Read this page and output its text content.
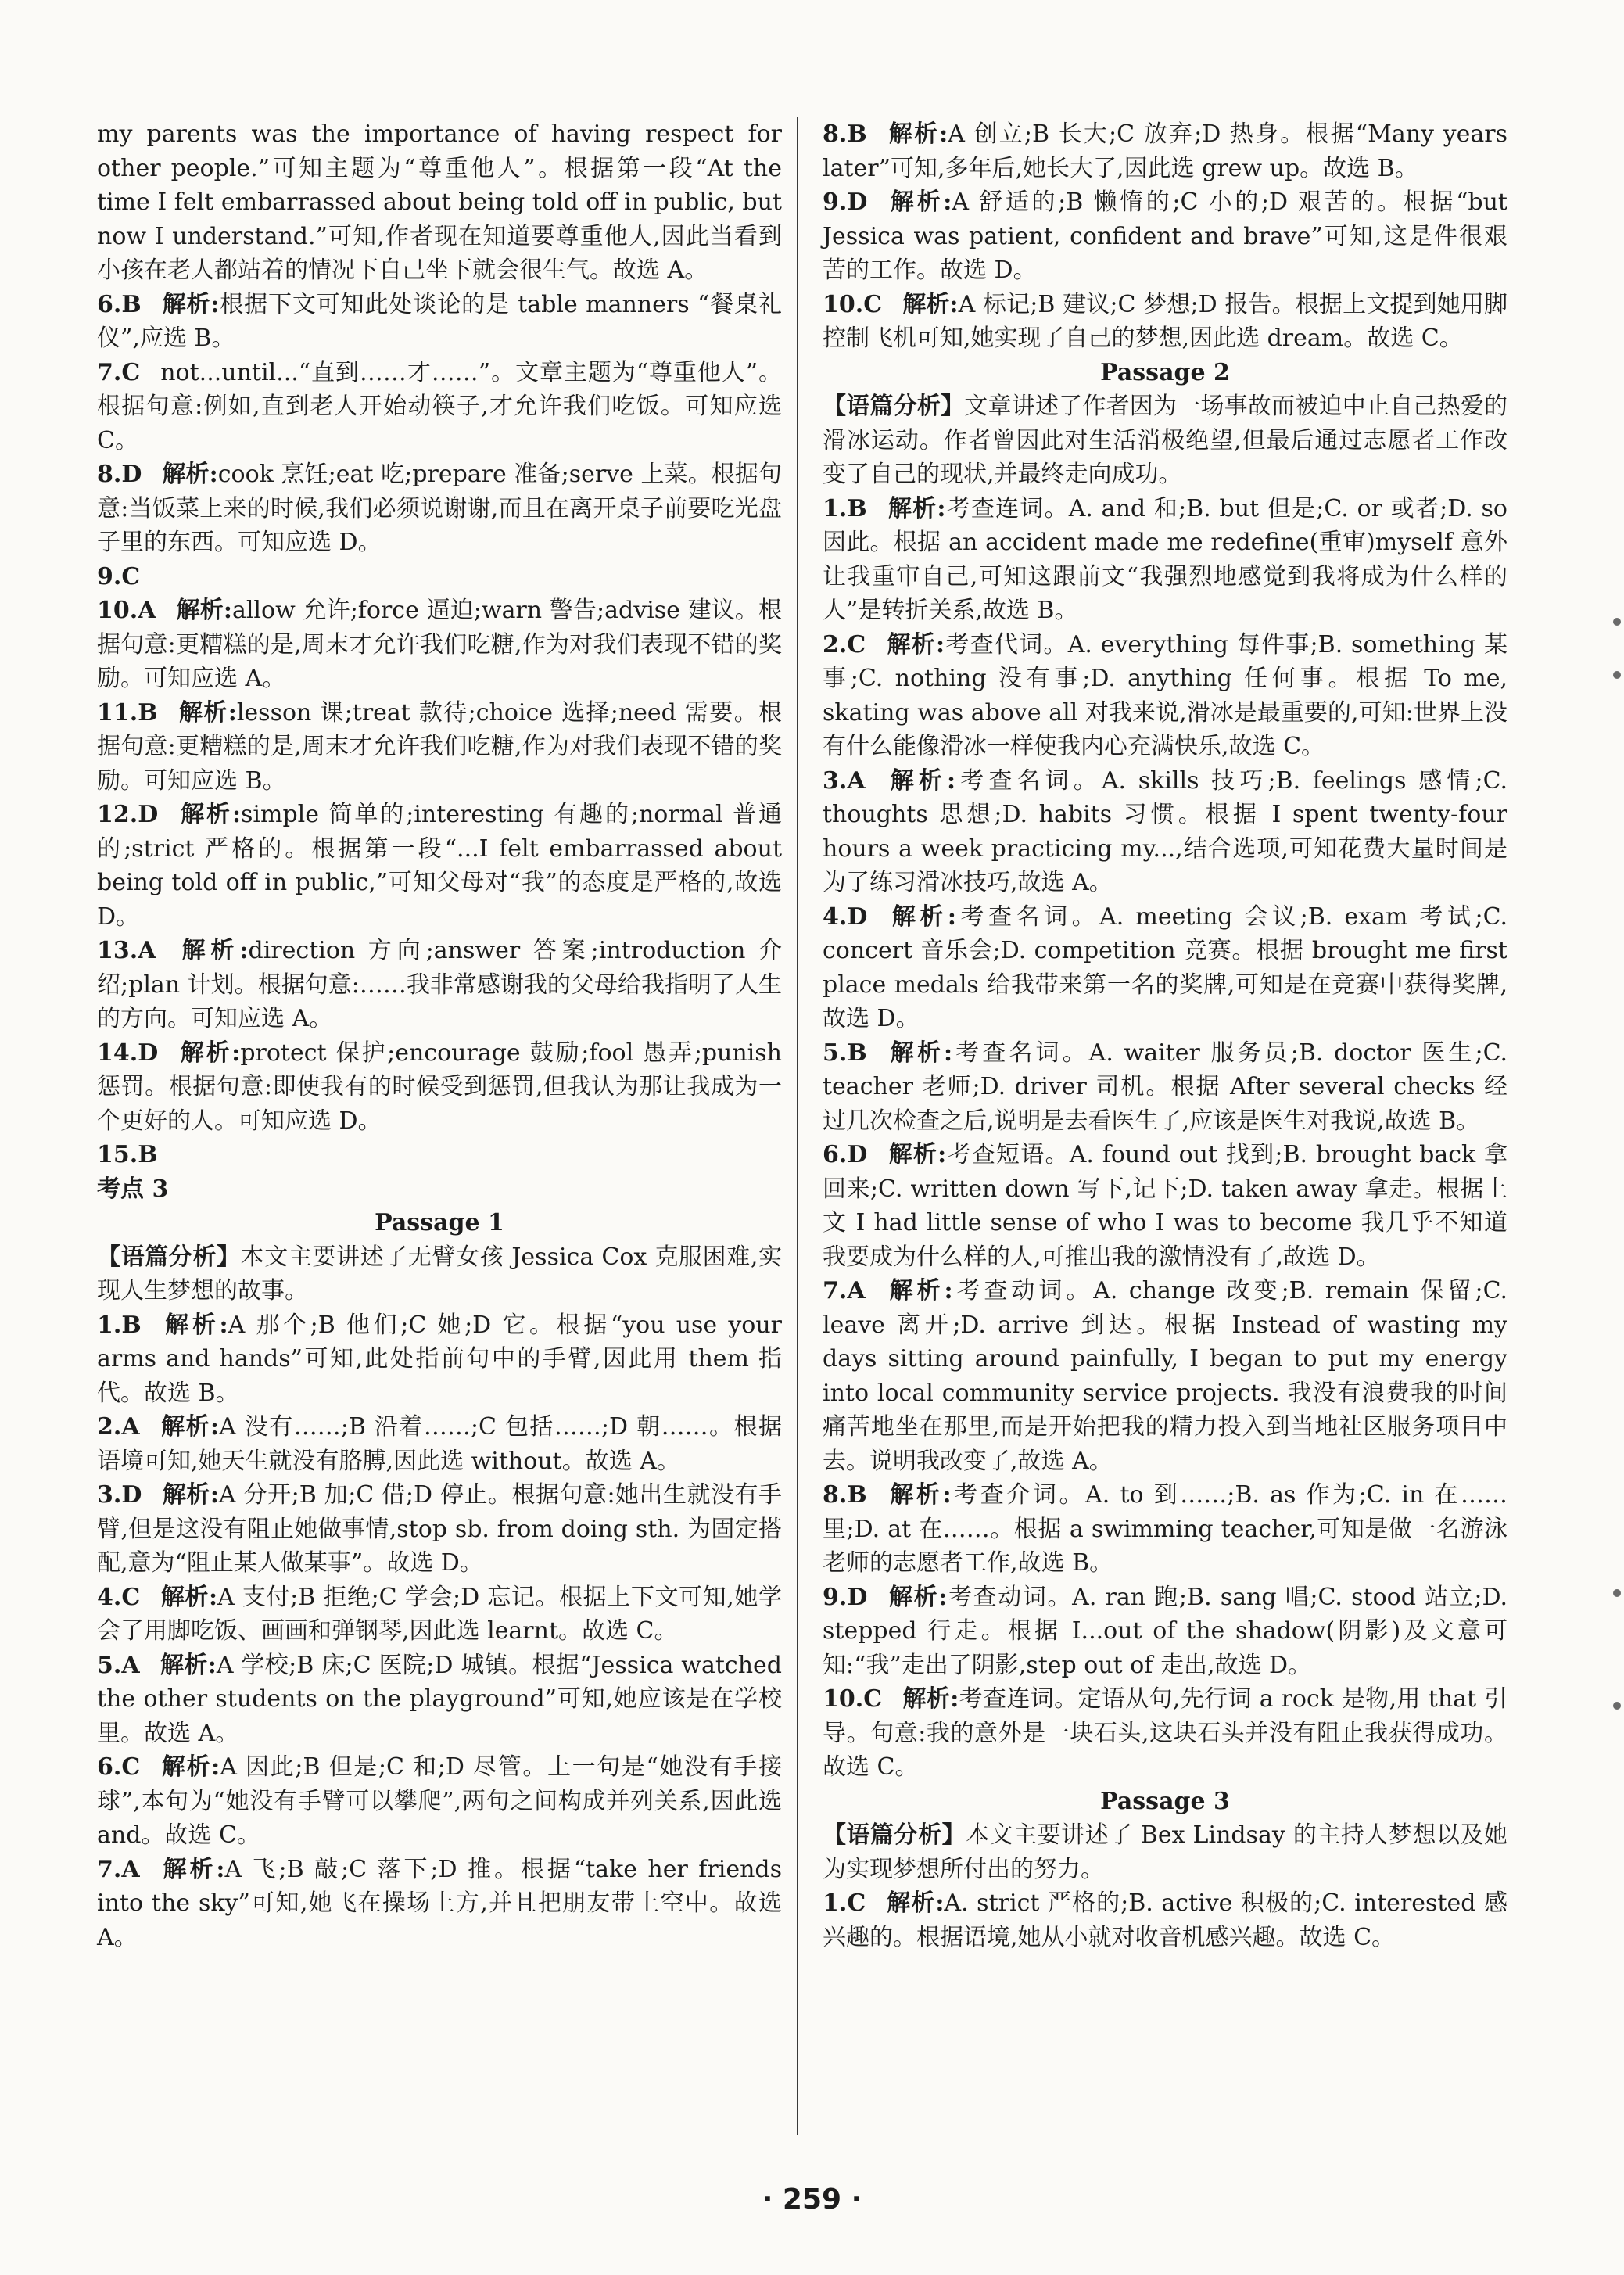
my parents was the importance of having respect for other people.”可知主题为“尊重他人”。根据第一段“At the time I felt embarrassed about being told off in public, but now I understand.”可知,作者现在知道要尊重他人,因此当看到小孩在老人都站着的情况下自己坐下就会很生气。故选 A。

6.B 解析:根据下文可知此处谈论的是 table manners “餐桌礼仪”,应选 B。

7.C not...until...“直到……才……”。文章主题为“尊重他人”。根据句意:例如,直到老人开始动筷子,才允许我们吃饭。可知应选 C。

8.D 解析:cook 烹饪;eat 吃;prepare 准备;serve 上菜。根据句意:当饭菜上来的时候,我们必须说谢谢,而且在离开桌子前要吃光盘子里的东西。可知应选 D。

9.C

10.A 解析:allow 允许;force 逼迫;warn 警告;advise 建议。根据句意:更糟糕的是,周末才允许我们吃糖,作为对我们表现不错的奖励。可知应选 A。

11.B 解析:lesson 课;treat 款待;choice 选择;need 需要。根据句意:更糟糕的是,周末才允许我们吃糖,作为对我们表现不错的奖励。可知应选 B。

12.D 解析:simple 简单的;interesting 有趣的;normal 普通的;strict 严格的。根据第一段“...I felt embarrassed about being told off in public,”可知父母对“我”的态度是严格的,故选 D。

13.A 解析:direction 方向;answer 答案;introduction 介绍;plan 计划。根据句意:……我非常感谢我的父母给我指明了人生的方向。可知应选 A。

14.D 解析:protect 保护;encourage 鼓励;fool 愚弄;punish 惩罚。根据句意:即使我有的时候受到惩罚,但我认为那让我成为一个更好的人。可知应选 D。

15.B

考点 3

Passage 1

【语篇分析】本文主要讲述了无臂女孩 Jessica Cox 克服困难,实现人生梦想的故事。

1.B 解析:A 那个;B 他们;C 她;D 它。根据“you use your arms and hands”可知,此处指前句中的手臂,因此用 them 指代。故选 B。

2.A 解析:A 没有……;B 沿着……;C 包括……;D 朝……。根据语境可知,她天生就没有胳膊,因此选 without。故选 A。

3.D 解析:A 分开;B 加;C 借;D 停止。根据句意:她出生就没有手臂,但是这没有阻止她做事情,stop sb. from doing sth. 为固定搭配,意为“阻止某人做某事”。故选 D。

4.C 解析:A 支付;B 拒绝;C 学会;D 忘记。根据上下文可知,她学会了用脚吃饭、画画和弹钢琴,因此选 learnt。故选 C。

5.A 解析:A 学校;B 床;C 医院;D 城镇。根据“Jessica watched the other students on the playground”可知,她应该是在学校里。故选 A。

6.C 解析:A 因此;B 但是;C 和;D 尽管。上一句是“她没有手接球”,本句为“她没有手臂可以攀爬”,两句之间构成并列关系,因此选 and。故选 C。

7.A 解析:A 飞;B 敲;C 落下;D 推。根据“take her friends into the sky”可知,她飞在操场上方,并且把朋友带上空中。故选 A。

8.B 解析:A 创立;B 长大;C 放弃;D 热身。根据“Many years later”可知,多年后,她长大了,因此选 grew up。故选 B。

9.D 解析:A 舒适的;B 懒惰的;C 小的;D 艰苦的。根据“but Jessica was patient, confident and brave”可知,这是件很艰苦的工作。故选 D。

10.C 解析:A 标记;B 建议;C 梦想;D 报告。根据上文提到她用脚控制飞机可知,她实现了自己的梦想,因此选 dream。故选 C。

Passage 2

【语篇分析】文章讲述了作者因为一场事故而被迫中止自己热爱的滑冰运动。作者曾因此对生活消极绝望,但最后通过志愿者工作改变了自己的现状,并最终走向成功。

1.B 解析:考查连词。A. and 和;B. but 但是;C. or 或者;D. so 因此。根据 an accident made me redefine(重审)myself 意外让我重审自己,可知这跟前文“我强烈地感觉到我将成为什么样的人”是转折关系,故选 B。

2.C 解析:考查代词。A. everything 每件事;B. something 某事;C. nothing 没有事;D. anything 任何事。根据 To me, skating was above all 对我来说,滑冰是最重要的,可知:世界上没有什么能像滑冰一样使我内心充满快乐,故选 C。

3.A 解析:考查名词。A. skills 技巧;B. feelings 感情;C. thoughts 思想;D. habits 习惯。根据 I spent twenty-four hours a week practicing my...,结合选项,可知花费大量时间是为了练习滑冰技巧,故选 A。

4.D 解析:考查名词。A. meeting 会议;B. exam 考试;C. concert 音乐会;D. competition 竞赛。根据 brought me first place medals 给我带来第一名的奖牌,可知是在竞赛中获得奖牌,故选 D。

5.B 解析:考查名词。A. waiter 服务员;B. doctor 医生;C. teacher 老师;D. driver 司机。根据 After several checks 经过几次检查之后,说明是去看医生了,应该是医生对我说,故选 B。

6.D 解析:考查短语。A. found out 找到;B. brought back 拿回来;C. written down 写下,记下;D. taken away 拿走。根据上文 I had little sense of who I was to become 我几乎不知道我要成为什么样的人,可推出我的激情没有了,故选 D。

7.A 解析:考查动词。A. change 改变;B. remain 保留;C. leave 离开;D. arrive 到达。根据 Instead of wasting my days sitting around painfully, I began to put my energy into local community service projects. 我没有浪费我的时间痛苦地坐在那里,而是开始把我的精力投入到当地社区服务项目中去。说明我改变了,故选 A。

8.B 解析:考查介词。A. to 到……;B. as 作为;C. in 在……里;D. at 在……。根据 a swimming teacher,可知是做一名游泳老师的志愿者工作,故选 B。

9.D 解析:考查动词。A. ran 跑;B. sang 唱;C. stood 站立;D. stepped 行走。根据 I...out of the shadow(阴影)及文意可知:“我”走出了阴影,step out of 走出,故选 D。

10.C 解析:考查连词。定语从句,先行词 a rock 是物,用 that 引导。句意:我的意外是一块石头,这块石头并没有阻止我获得成功。故选 C。

Passage 3

【语篇分析】本文主要讲述了 Bex Lindsay 的主持人梦想以及她为实现梦想所付出的努力。

1.C 解析:A. strict 严格的;B. active 积极的;C. interested 感兴趣的。根据语境,她从小就对收音机感兴趣。故选 C。

· 259 ·
